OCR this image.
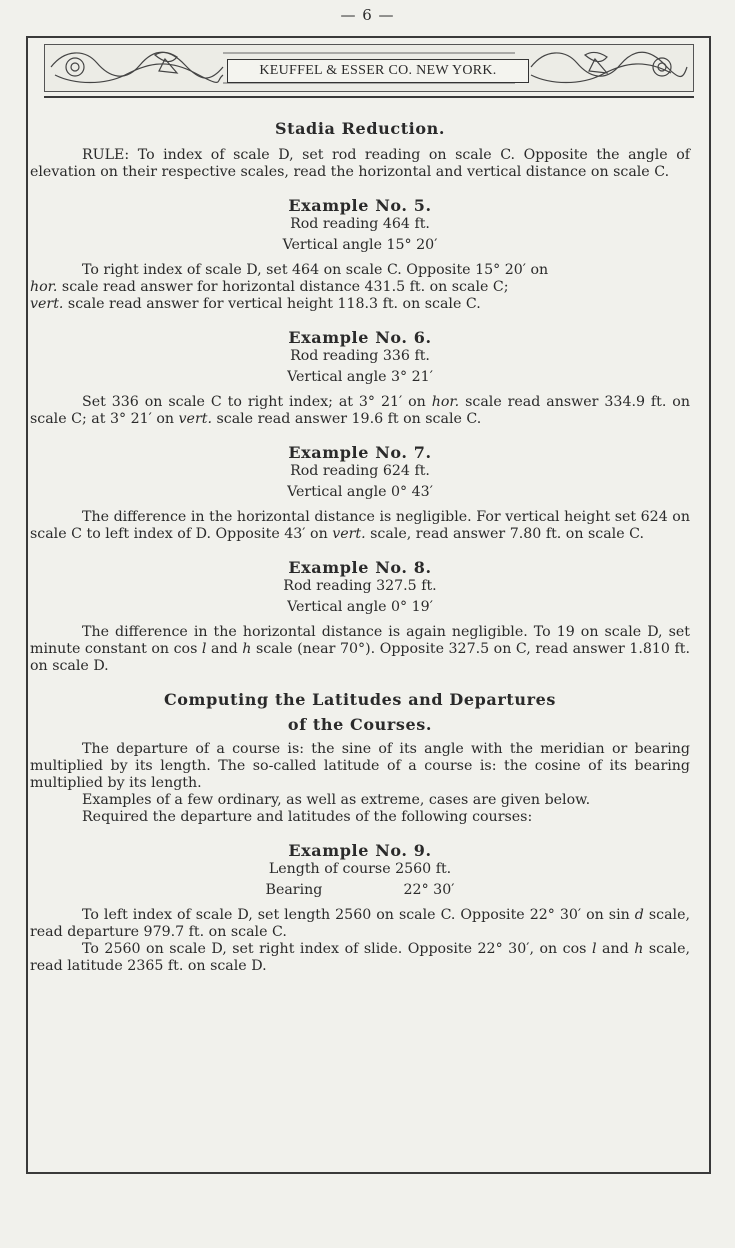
— 6 —
KEUFFEL & ESSER CO. NEW YORK.

Stadia Reduction.

RULE: To index of scale D, set rod reading on scale C. Opposite the angle of elevation on their respective scales, read the horizontal and vertical distance on scale C.

Example No. 5.

Rod reading 464 ft.

Vertical angle 15° 20′

To right index of scale D, set 464 on scale C. Opposite 15° 20′ on
hor. scale read answer for horizontal distance 431.5 ft. on scale C;
vert. scale read answer for vertical height 118.3 ft. on scale C.

Example No. 6.

Rod reading 336 ft.

Vertical angle 3° 21′

Set 336 on scale C to right index; at 3° 21′ on hor. scale read answer 334.9 ft. on scale C; at 3° 21′ on vert. scale read answer 19.6 ft on scale C.

Example No. 7.

Rod reading 624 ft.

Vertical angle 0° 43′

The difference in the horizontal distance is negligible. For vertical height set 624 on scale C to left index of D. Opposite 43′ on vert. scale, read answer 7.80 ft. on scale C.

Example No. 8.

Rod reading 327.5 ft.

Vertical angle 0° 19′

The difference in the horizontal distance is again negligible. To 19 on scale D, set minute constant on cos l and h scale (near 70°). Opposite 327.5 on C, read answer 1.810 ft. on scale D.

Computing the Latitudes and Departures

of the Courses.

The departure of a course is: the sine of its angle with the meridian or bearing multiplied by its length. The so-called latitude of a course is: the cosine of its bearing multiplied by its length.

Examples of a few ordinary, as well as extreme, cases are given below.

Required the departure and latitudes of the following courses:

Example No. 9.

Length of course 2560 ft.

Bearing                  22° 30′

To left index of scale D, set length 2560 on scale C. Opposite 22° 30′ on sin d scale, read departure 979.7 ft. on scale C.

To 2560 on scale D, set right index of slide. Opposite 22° 30′, on cos l and h scale, read latitude 2365 ft. on scale D.
